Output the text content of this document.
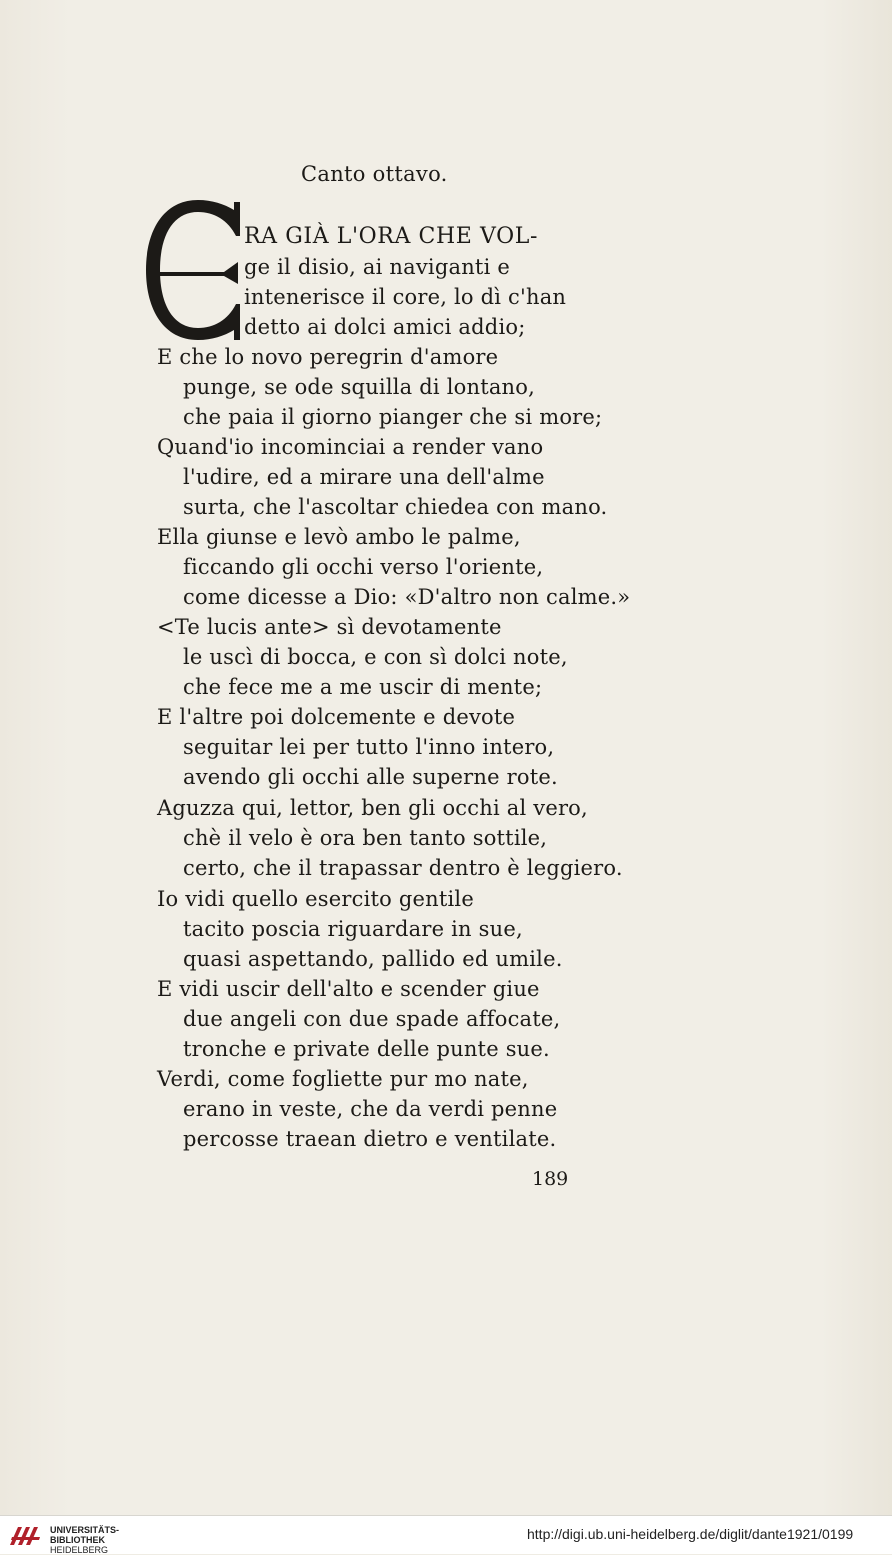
Canto ottavo.
E
RA GIÀ L'ORA CHE VOL-
ge il disio, ai naviganti e
intenerisce il core, lo dì c'han
detto ai dolci amici addio;
E che lo novo peregrin d'amore
punge, se ode squilla di lontano,
che paia il giorno pianger che si more;
Quand'io incominciai a render vano
l'udire, ed a mirare una dell'alme
surta, che l'ascoltar chiedea con mano.
Ella giunse e levò ambo le palme,
ficcando gli occhi verso l'oriente,
come dicesse a Dio: «D'altro non calme.»
<Te lucis ante> sì devotamente
le uscì di bocca, e con sì dolci note,
che fece me a me uscir di mente;
E l'altre poi dolcemente e devote
seguitar lei per tutto l'inno intero,
avendo gli occhi alle superne rote.
Aguzza qui, lettor, ben gli occhi al vero,
chè il velo è ora ben tanto sottile,
certo, che il trapassar dentro è leggiero.
Io vidi quello esercito gentile
tacito poscia riguardare in sue,
quasi aspettando, pallido ed umile.
E vidi uscir dell'alto e scender giue
due angeli con due spade affocate,
tronche e private delle punte sue.
Verdi, come fogliette pur mo nate,
erano in veste, che da verdi penne
percosse traean dietro e ventilate.
189
UNIVERSITÄTS-
BIBLIOTHEK
HEIDELBERG
http://digi.ub.uni-heidelberg.de/diglit/dante1921/0199
